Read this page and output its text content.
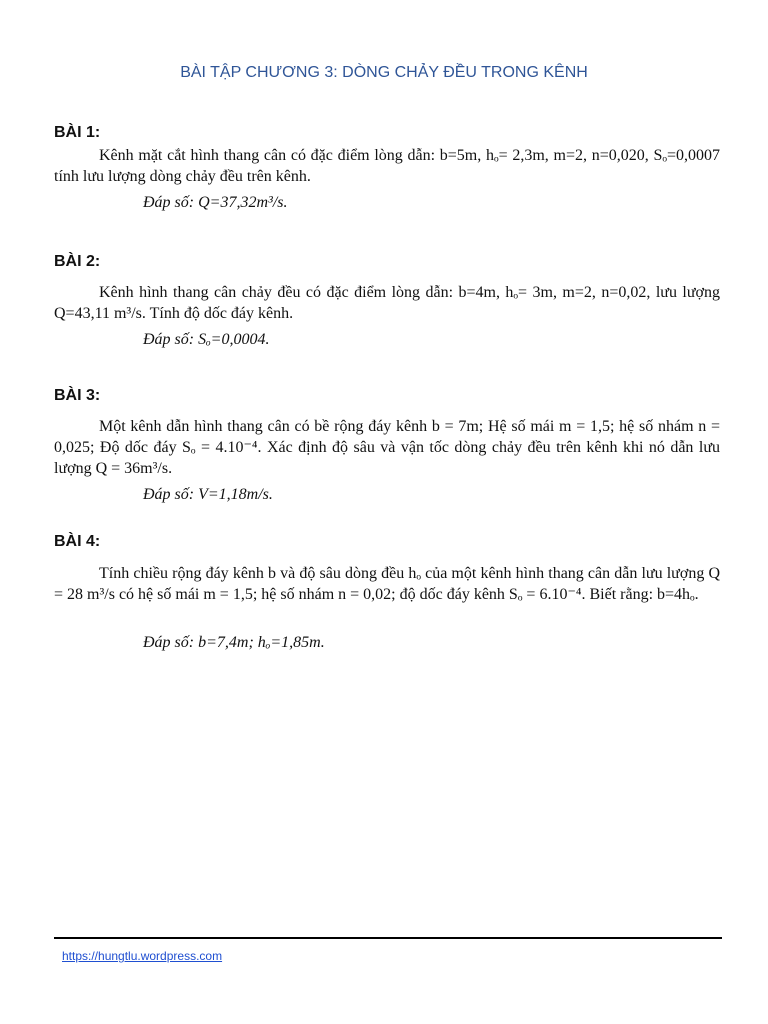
BÀI TẬP CHƯƠNG 3: DÒNG CHẢY ĐỀU TRONG KÊNH
BÀI 1:
Kênh mặt cắt hình thang cân có đặc điểm lòng dẫn: b=5m, hₒ= 2,3m, m=2, n=0,020, Sₒ=0,0007 tính lưu lượng dòng chảy đều trên kênh.
Đáp số: Q=37,32m³/s.
BÀI 2:
Kênh hình thang cân chảy đều có đặc điểm lòng dẫn: b=4m, hₒ= 3m, m=2, n=0,02, lưu lượng Q=43,11 m³/s. Tính độ dốc đáy kênh.
Đáp số: Sₒ=0,0004.
BÀI 3:
Một kênh dẫn hình thang cân có bề rộng đáy kênh b = 7m; Hệ số mái m = 1,5; hệ số nhám n = 0,025; Độ dốc đáy Sₒ = 4.10⁻⁴. Xác định độ sâu và vận tốc dòng chảy đều trên kênh khi nó dẫn lưu lượng Q = 36m³/s.
Đáp số: V=1,18m/s.
BÀI 4:
Tính chiều rộng đáy kênh b và độ sâu dòng đều hₒ của một kênh hình thang cân dẫn lưu lượng Q = 28 m³/s có hệ số mái m = 1,5; hệ số nhám n = 0,02; độ dốc đáy kênh Sₒ = 6.10⁻⁴. Biết rằng: b=4hₒ.
Đáp số: b=7,4m; hₒ=1,85m.
https://hungtlu.wordpress.com
